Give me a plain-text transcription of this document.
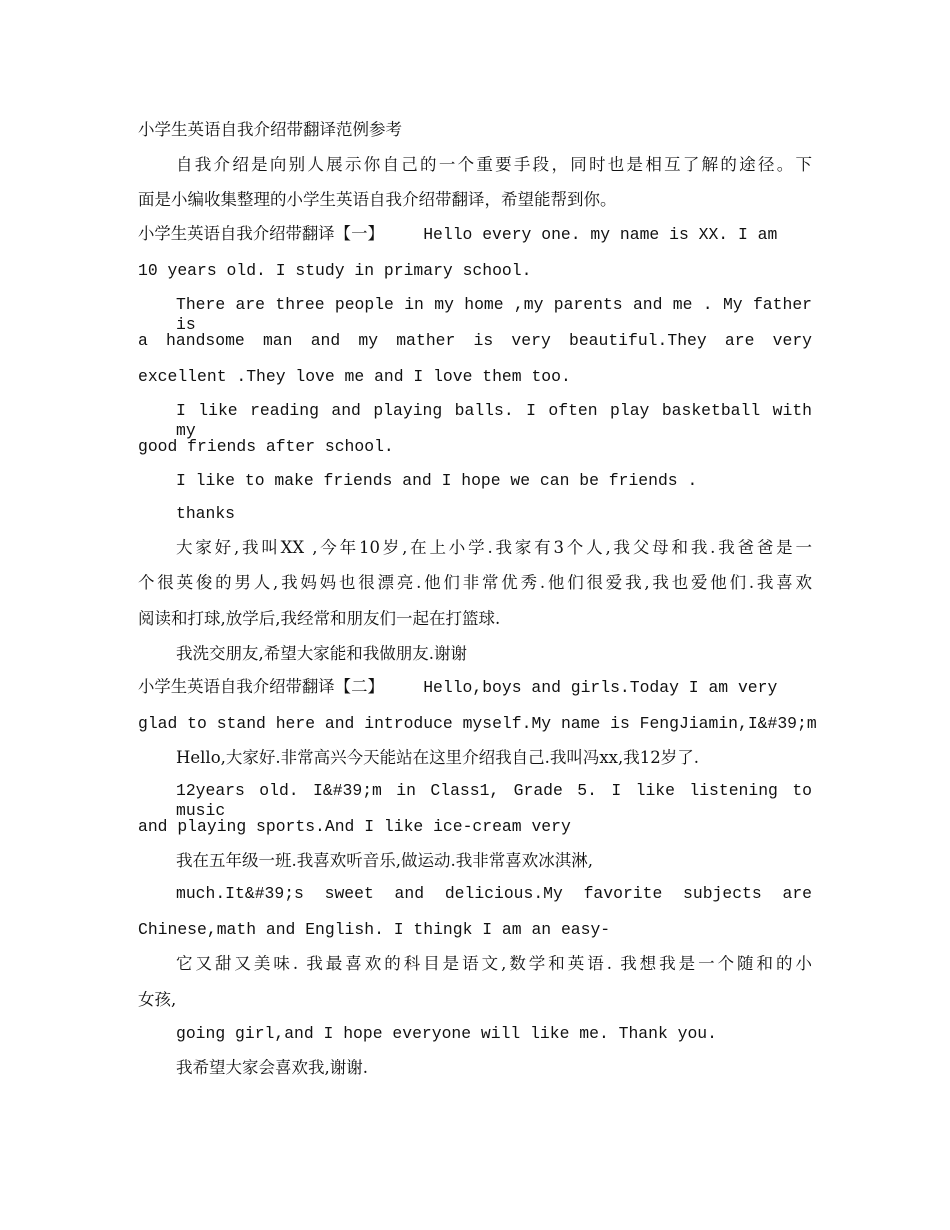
小学生英语自我介绍带翻译范例参考
自我介绍是向别人展示你自己的一个重要手段，同时也是相互了解的途径。下
面是小编收集整理的小学生英语自我介绍带翻译，希望能帮到你。
小学生英语自我介绍带翻译【一】    Hello every one. my name is XX. I am
10 years old. I study in primary school.
There are three people in my home ,my parents and me . My father is
a handsome man and my mather is very beautiful.They are very
excellent .They love me and I love them too.
I like reading and playing balls. I often play basketball with my
good friends after school.
I like to make friends and I hope we can be friends .
thanks
大家好,我叫XX ,今年10岁,在上小学.我家有3个人,我父母和我.我爸爸是一
个很英俊的男人,我妈妈也很漂亮.他们非常优秀.他们很爱我,我也爱他们.我喜欢
阅读和打球,放学后,我经常和朋友们一起在打篮球.
我洗交朋友,希望大家能和我做朋友.谢谢
小学生英语自我介绍带翻译【二】    Hello,boys and girls.Today I am very
glad to stand here and introduce myself.My name is FengJiamin,I&#39;m
Hello,大家好.非常高兴今天能站在这里介绍我自己.我叫冯xx,我12岁了.
12years old. I&#39;m in Class1, Grade 5. I like listening to music
and playing sports.And I like ice-cream very
我在五年级一班.我喜欢听音乐,做运动.我非常喜欢冰淇淋,
much.It&#39;s sweet and delicious.My favorite subjects are
Chinese,math and English. I thingk I am an easy-
它又甜又美味. 我最喜欢的科目是语文,数学和英语. 我想我是一个随和的小
女孩,
going girl,and I hope everyone will like me. Thank you.
我希望大家会喜欢我,谢谢.
